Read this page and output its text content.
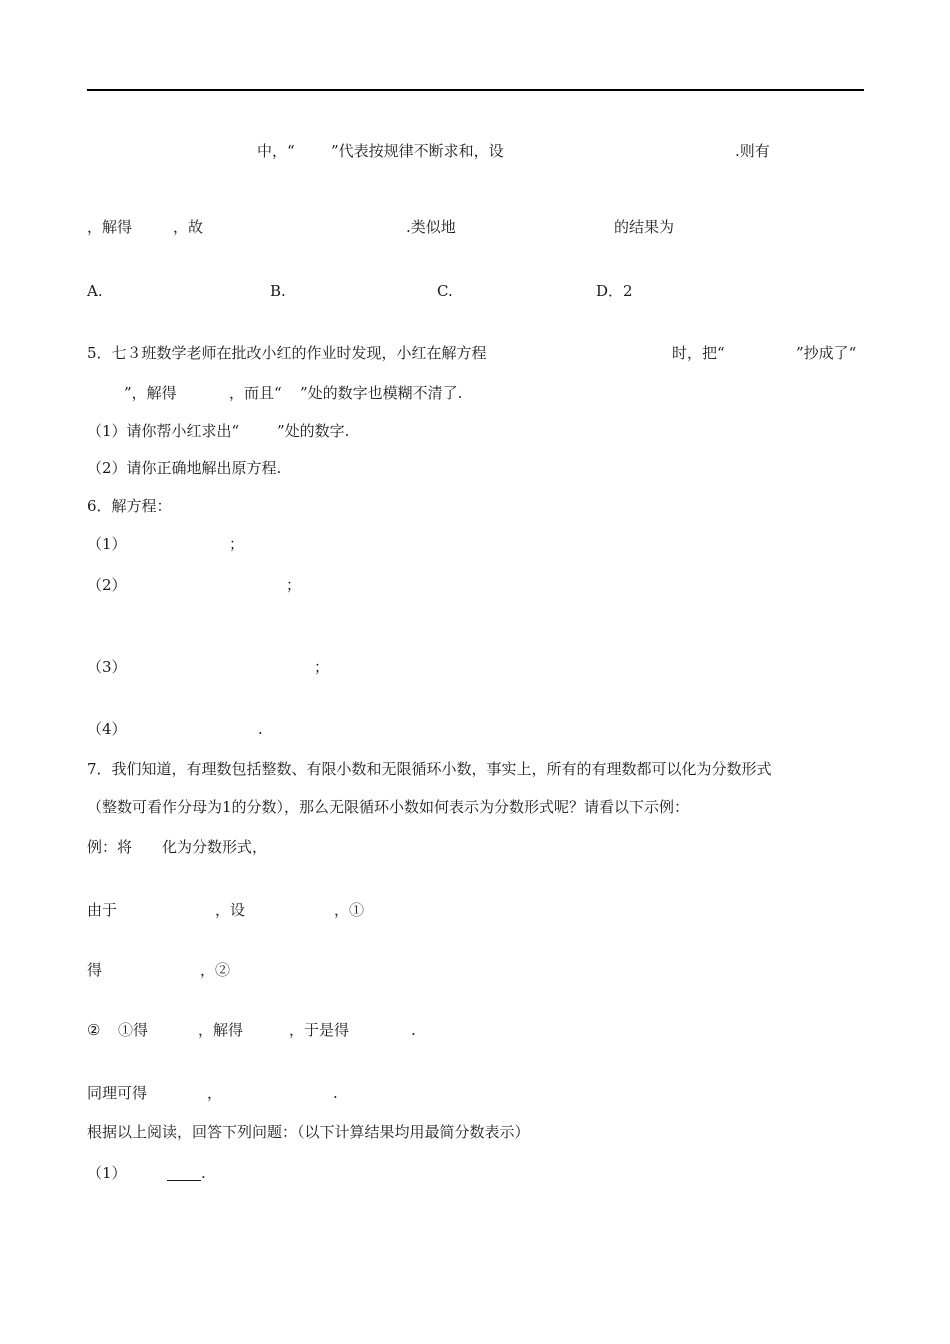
中，“ ”代表按规律不断求和，设	.则有
，解得	，故	.类似地	的结果为
A.	B.	C.	D．2
5．七３班数学老师在批改小红的作业时发现，小红在解方程	时，把“	”抄成了“
”，解得	，而且“ ”处的数字也模糊不清了.
（1）请你帮小红求出“	”处的数字.
（2）请你正确地解出原方程.
6．解方程：
（1）	；
（2）	；
（3）	；
（4）	.
7．我们知道，有理数包括整数、有限小数和无限循环小数，事实上，所有的有理数都可以化为分数形式
（整数可看作分母为1的分数），那么无限循环小数如何表示为分数形式呢？请看以下示例：
例：将 化为分数形式，
由于	，设	，①
得	，②
② ①得	，解得	，于是得	.
同理可得	，	.
根据以上阅读，回答下列问题：（以下计算结果均用最简分数表示）
（1）	.
